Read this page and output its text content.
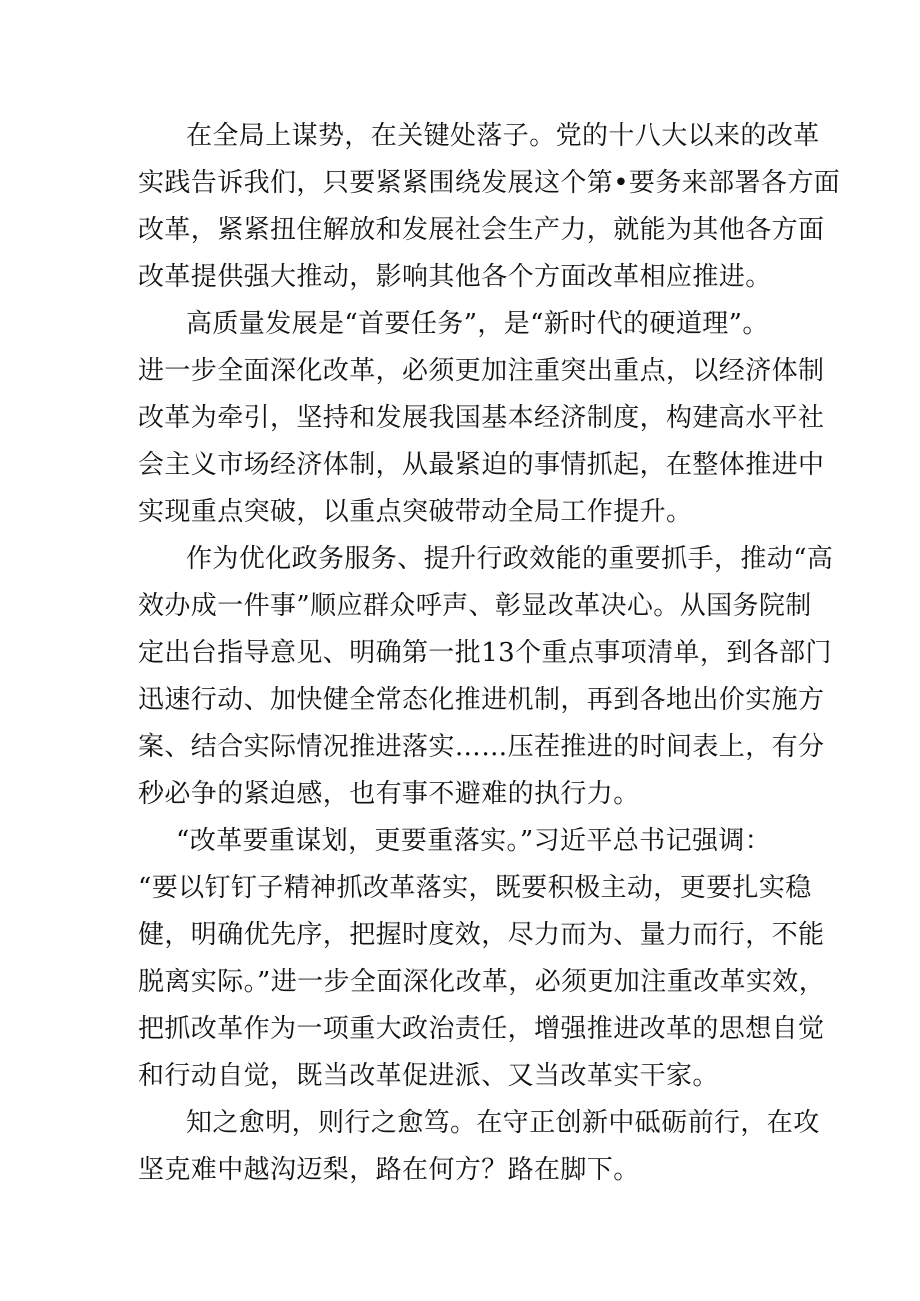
在全局上谋势，在关键处落子。党的十八大以来的改革
实践告诉我们，只要紧紧围绕发展这个第•要务来部署各方面
改革，紧紧扭住解放和发展社会生产力，就能为其他各方面
改革提供强大推动，影响其他各个方面改革相应推进。
高质量发展是“首要任务”，是“新时代的硬道理”。
进一步全面深化改革，必须更加注重突出重点，以经济体制
改革为牵引，坚持和发展我国基本经济制度，构建高水平社
会主义市场经济体制，从最紧迫的事情抓起，在整体推进中
实现重点突破，以重点突破带动全局工作提升。
作为优化政务服务、提升行政效能的重要抓手，推动“高
效办成一件事”顺应群众呼声、彰显改革决心。从国务院制
定出台指导意见、明确第一批13个重点事项清单，到各部门
迅速行动、加快健全常态化推进机制，再到各地出价实施方
案、结合实际情况推进落实……压茬推进的时间表上，有分
秒必争的紧迫感，也有事不避难的执行力。
“改革要重谋划，更要重落实。”习近平总书记强调：
“要以钉钉子精神抓改革落实，既要积极主动，更要扎实稳
健，明确优先序，把握时度效，尽力而为、量力而行，不能
脱离实际。”进一步全面深化改革，必须更加注重改革实效，
把抓改革作为一项重大政治责任，增强推进改革的思想自觉
和行动自觉，既当改革促进派、又当改革实干家。
知之愈明，则行之愈笃。在守正创新中砥砺前行，在攻
坚克难中越沟迈梨，路在何方？路在脚下。
